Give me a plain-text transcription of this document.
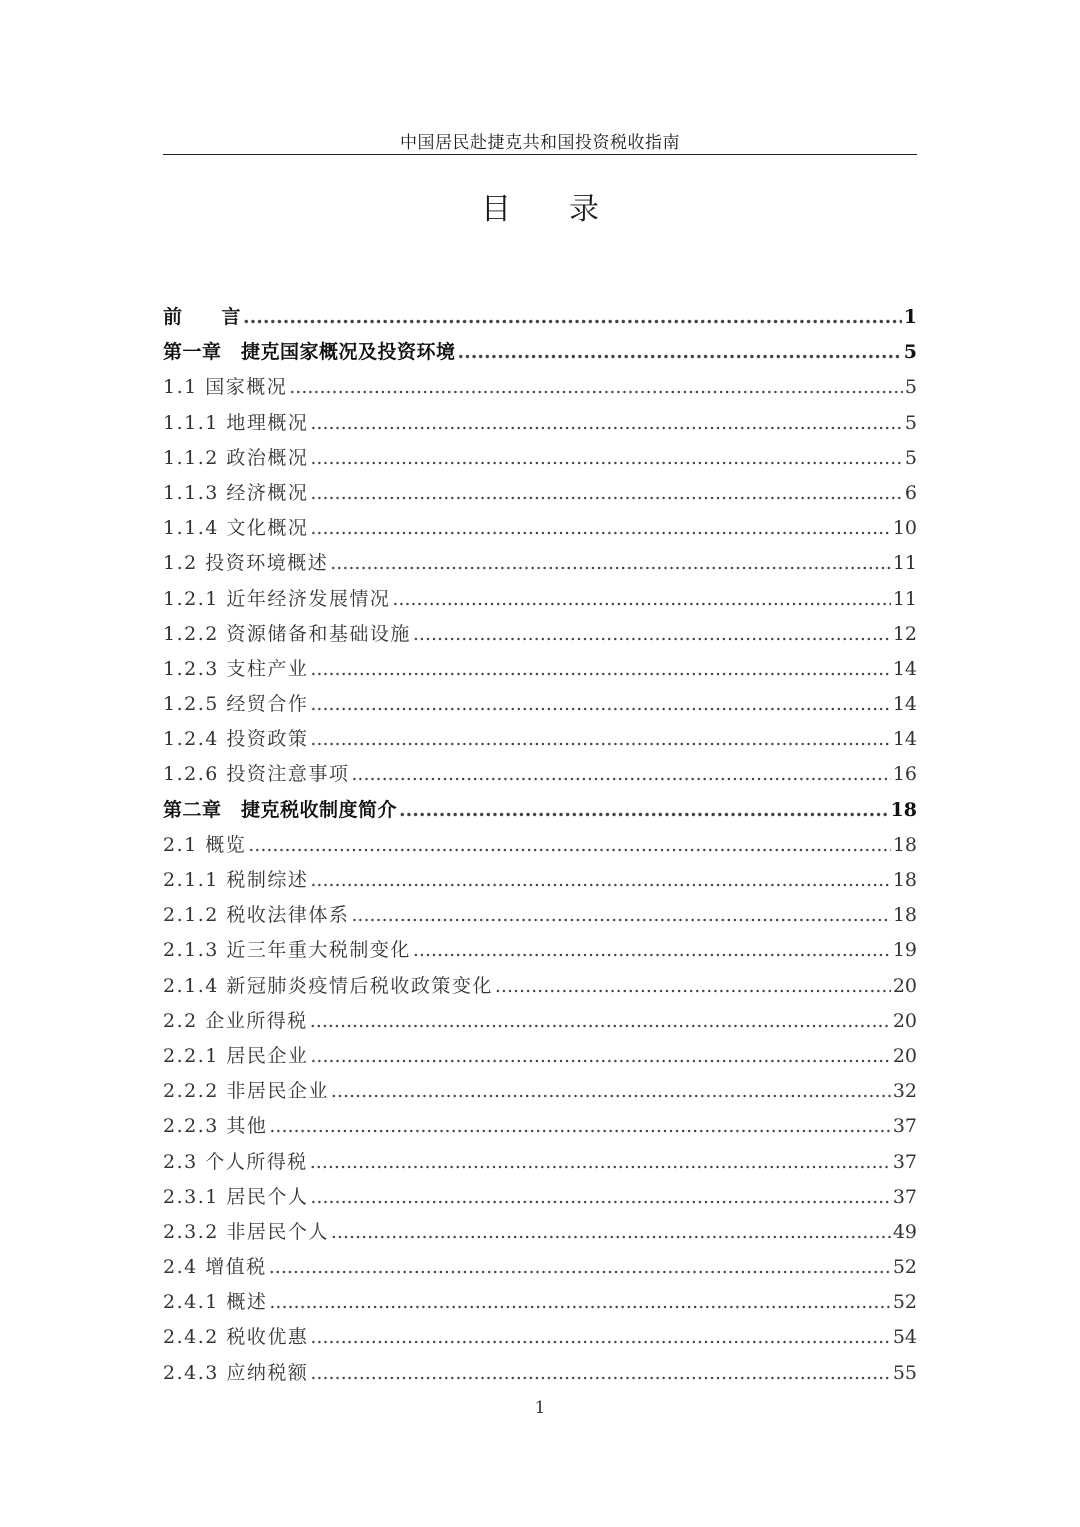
中国居民赴捷克共和国投资税收指南
目录
前　　言 .....	1
第一章　捷克国家概况及投资环境 .....	5
1.1 国家概况 .....	5
1.1.1 地理概况 .....	5
1.1.2 政治概况 .....	5
1.1.3 经济概况 .....	6
1.1.4 文化概况 .....	10
1.2 投资环境概述 .....	11
1.2.1 近年经济发展情况 .....	11
1.2.2 资源储备和基础设施 .....	12
1.2.3 支柱产业 .....	14
1.2.5 经贸合作 .....	14
1.2.4 投资政策 .....	14
1.2.6 投资注意事项 .....	16
第二章　捷克税收制度简介 .....	18
2.1 概览 .....	18
2.1.1 税制综述 .....	18
2.1.2 税收法律体系 .....	18
2.1.3 近三年重大税制变化 .....	19
2.1.4 新冠肺炎疫情后税收政策变化 .....	20
2.2 企业所得税 .....	20
2.2.1 居民企业 .....	20
2.2.2 非居民企业 .....	32
2.2.3 其他 .....	37
2.3 个人所得税 .....	37
2.3.1 居民个人 .....	37
2.3.2 非居民个人 .....	49
2.4 增值税 .....	52
2.4.1 概述 .....	52
2.4.2 税收优惠 .....	54
2.4.3 应纳税额 .....	55
1
